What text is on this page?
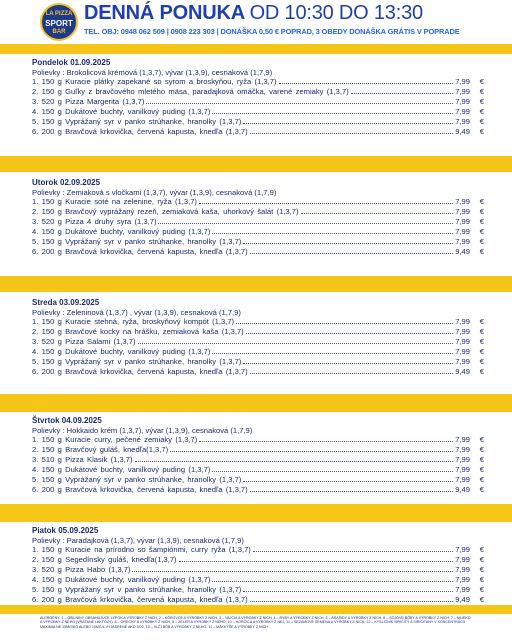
LA PIZZA
SPORT
BAR
DENNÁ PONUKA OD 10:30 DO 13:30
TEL. OBJ: 0948 062 509 | 0908 223 303 | DONÁŠKA 0,50 € POPRAD, 3 OBEDY DONÁŠKA GRÁTIS V POPRADE
Pondelok 01.09.2025
Polievky : Brokolicová krémová (1,3,7), vývar (1,3,9), cesnaková (1,7,9)
1. 150 g Kuracie plátky zapekané so syrom a broskyňou, ryža (1,3,7)	7,99	€
2. 150 g Guľky z bravčového mletého mäsa, paradajková omáčka, varené zemiaky (1,3,7)	7,99	€
3. 520 g Pizza Margerita (1,3,7)	7,99	€
4. 150 g Dukátové buchty, vanilkový puding (1,3,7)	7,99	€
5. 150 g Vyprážaný syr v panko strúhanke, hranolky (1,3,7)	7,99	€
6. 200 g Bravčová krkovička, červená kapusta, knedľa (1,3,7)	9,49	€
Utorok 02.09.2025
Polievky : Zemiaková s vločkami (1,3,7), vývar (1,3,9), cesnaková (1,7,9)
1. 150 g Kuracie soté na zelenine, ryža (1,3,7)	7,99	€
2. 150 g Bravčový vyprážaný rezeň, zemiaková kaša, uhorkový šalát (1,3,7)	7,99	€
3. 520 g Pizza 4 druhy syra (1,3,7)	7,99	€
4. 150 g Dukátové buchty, vanilkový puding (1,3,7)	7,99	€
5. 150 g Vyprážaný syr v panko strúhanke, hranolky (1,3,7)	7,99	€
6. 200 g Bravčová krkovička, červená kapusta, knedľa (1,3,7)	9,49	€
Streda 03.09.2025
Polievky : Zeleninová (1,3,7) , vývar (1,3,9), cesnaková (1,7,9)
1. 150 g Kuracie stehná, ryža, broskyňový kompót (1,3,7)	7,99	€
2. 150 g Bravčové kocky na hrášku, zemiaková kaša (1,3,7)	7,99	€
3. 520 g Pizza Salami (1,3,7)	7,99	€
4. 150 g Dukátové buchty, vanilkový puding (1,3,7)	7,99	€
5. 150 g Vyprážaný syr v panko strúhanke, hranolky (1,3,7)	7,99	€
6. 200 g Bravčová krkovička, červená kapusta, knedľa (1,3,7)	9,49	€
Štvrtok 04.09.2025
Polievky : Hokkaido krém (1,3,7), vývar (1,3,9), cesnaková (1,7,9)
1. 150 g Kuracie curry, pečené zemiaky (1,3,7)	7,99	€
2. 150 g Bravčový guláš, knedľa(1,3,7)	7,99	€
3. 510 g Pizza Klasik (1,3,7)	7,99	€
4. 150 g Dukátové buchty, vanilkový puding (1,3,7)	7,99	€
5. 150 g Vyprážaný syr v panko strúhanke, hranolky (1,3,7)	7,99	€
6. 200 g Bravčová krkovička, červená kapusta, knedľa (1,3,7)	9,49	€
Piatok 05.09.2025
Polievky : Paradajková (1,3,7), vývar (1,3,9), cesnaková (1,7,9)
1. 150 g Kuracie na prírodno so šampiónmi, curry ryža (1,3,7)	7,99	€
2. 150 g Segedínsky guláš, knedľa(1,3,7)	7,99	€
3. 520 g Pizza Habo (1,3,7)	7,99	€
4. 150 g Dukátové buchty, vanilkový puding (1,3,7)	7,99	€
5. 150 g Vyprážaný syr v panko strúhanke, hranolky (1,3,7)	7,99	€
6. 200 g Bravčová krkovička, červená kapusta, knedľa (1,3,7)	9,49	€

ALERGÉNY: 1 – OBILNINY OBSAHUJÚCE LEPOK A VÝROBKY Z NICH, 2 – KÔROVCE A VÝROBKY Z NICH, 3 – VAJCIA A VÝROBKY Z NICH, 4 – RYBY A VÝROBKY Z NICH, 5 – ARAŠIDY A VÝROBKY Z NICH, 6 – SÓJOVÉ BÔBY A VÝROBKY Z NICH, 7 – MLIEKO A VÝROBKY Z NEHO (VRÁTANE LAKTÓZY), 8 – ORECHY A VÝROBKY Z NICH, 9 – ZELER A VÝROBKY Z NEHO, 10 – HORČICA A VÝROBKY Z NEJ, 11 – SEZAMOVÉ SEMENÁ A VÝROBKY Z NICH, 12 – KYSLIČNÍK SIRIČITÝ A SIRIČITANY V KONCENTRÁCII MAXIMÁLNE 10MG/KG ALEBO 10MG/L VYJADRENÉ AKO SO2, 13 – VLČÍ BÔB A VÝROBKY Z NEHO, 14 – MÄKKÝŠE A VÝROBKY Z NICH
